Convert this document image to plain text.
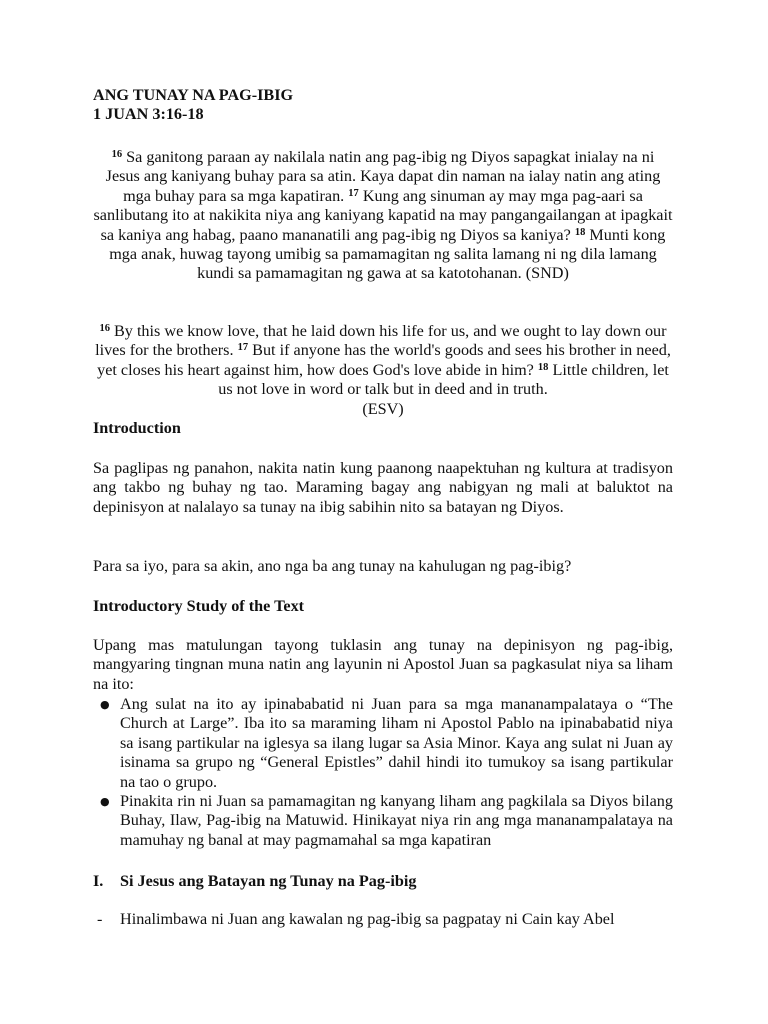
ANG TUNAY NA PAG-IBIG
1 JUAN 3:16-18
$^{16}$ Sa ganitong paraan ay nakilala natin ang pag-ibig ng Diyos sapagkat inialay na ni Jesus ang kaniyang buhay para sa atin. Kaya dapat din naman na ialay natin ang ating mga buhay para sa mga kapatiran. $^{17}$ Kung ang sinuman ay may mga pag-aari sa sanlibutang ito at nakikita niya ang kaniyang kapatid na may pangangailangan at ipagkait sa kaniya ang habag, paano mananatili ang pag-ibig ng Diyos sa kaniya? $^{18}$ Munti kong mga anak, huwag tayong umibig sa pamamagitan ng salita lamang ni ng dila lamang kundi sa pamamagitan ng gawa at sa katotohanan. (SND)
$^{16}$ By this we know love, that he laid down his life for us, and we ought to lay down our lives for the brothers. $^{17}$ But if anyone has the world's goods and sees his brother in need, yet closes his heart against him, how does God's love abide in him? $^{18}$ Little children, let us not love in word or talk but in deed and in truth.
(ESV)
Introduction
Sa paglipas ng panahon, nakita natin kung paanong naapektuhan ng kultura at tradisyon ang takbo ng buhay ng tao. Maraming bagay ang nabigyan ng mali at baluktot na depinisyon at nalalayo sa tunay na ibig sabihin nito sa batayan ng Diyos.
Para sa iyo, para sa akin, ano nga ba ang tunay na kahulugan ng pag-ibig?
Introductory Study of the Text
Upang mas matulungan tayong tuklasin ang tunay na depinisyon ng pag-ibig, mangyaring tingnan muna natin ang layunin ni Apostol Juan sa pagkasulat niya sa liham na ito:
● Ang sulat na ito ay ipinababatid ni Juan para sa mga mananampalataya o “The Church at Large”. Iba ito sa maraming liham ni Apostol Pablo na ipinababatid niya sa isang partikular na iglesya sa ilang lugar sa Asia Minor. Kaya ang sulat ni Juan ay isinama sa grupo ng “General Epistles” dahil hindi ito tumukoy sa isang partikular na tao o grupo.
● Pinakita rin ni Juan sa pamamagitan ng kanyang liham ang pagkilala sa Diyos bilang Buhay, Ilaw, Pag-ibig na Matuwid. Hinikayat niya rin ang mga mananampalataya na mamuhay ng banal at may pagmamahal sa mga kapatiran
I. Si Jesus ang Batayan ng Tunay na Pag-ibig
- Hinalimbawa ni Juan ang kawalan ng pag-ibig sa pagpatay ni Cain kay Abel
